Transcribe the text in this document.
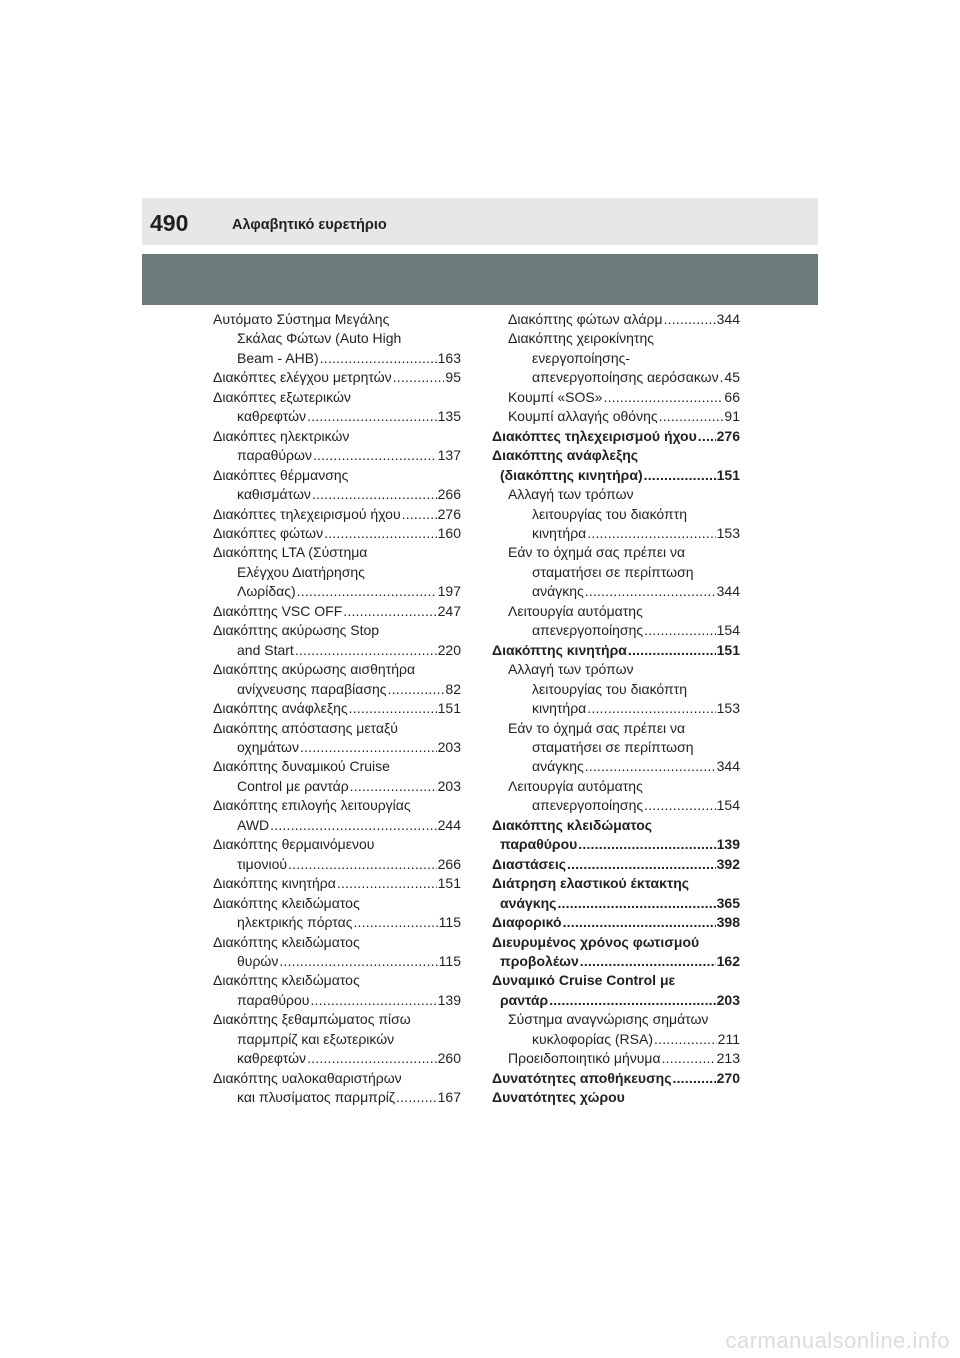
490	Αλφαβητικό ευρετήριο
Αυτόματο Σύστημα Μεγάλης
Σκάλας Φώτων (Auto High
Beam - AHB) .....	163
Διακόπτες ελέγχου μετρητών .....	95
Διακόπτες εξωτερικών
καθρεφτών .....	135
Διακόπτες ηλεκτρικών
παραθύρων .....	137
Διακόπτες θέρμανσης
καθισμάτων .....	266
Διακόπτες τηλεχειρισμού ήχου .....	276
Διακόπτες φώτων .....	160
Διακόπτης LTA (Σύστημα
Ελέγχου Διατήρησης
Λωρίδας) .....	197
Διακόπτης VSC OFF .....	247
Διακόπτης ακύρωσης Stop
and Start .....	220
Διακόπτης ακύρωσης αισθητήρα
ανίχνευσης παραβίασης .....	82
Διακόπτης ανάφλεξης .....	151
Διακόπτης απόστασης μεταξύ
οχημάτων .....	203
Διακόπτης δυναμικού Cruise
Control με ραντάρ .....	203
Διακόπτης επιλογής λειτουργίας
AWD .....	244
Διακόπτης θερμαινόμενου
τιμονιού .....	266
Διακόπτης κινητήρα .....	151
Διακόπτης κλειδώματος
ηλεκτρικής πόρτας .....	115
Διακόπτης κλειδώματος
θυρών .....	115
Διακόπτης κλειδώματος
παραθύρου .....	139
Διακόπτης ξεθαμπώματος πίσω
παρμπρίζ και εξωτερικών
καθρεφτών .....	260
Διακόπτης υαλοκαθαριστήρων
και πλυσίματος παρμπρίζ .....	167
Διακόπτης φώτων αλάρμ .....	344
Διακόπτης χειροκίνητης
ενεργοποίησης-
απενεργοποίησης αερόσακων ..... 45
Κουμπί «SOS» .....	66
Κουμπί αλλαγής οθόνης .....	91
Διακόπτες τηλεχειρισμού ήχου ..... 276
Διακόπτης ανάφλεξης
(διακόπτης κινητήρα) .....	151
Αλλαγή των τρόπων
λειτουργίας του διακόπτη
κινητήρα .....	153
Εάν το όχημά σας πρέπει να
σταματήσει σε περίπτωση
ανάγκης .....	344
Λειτουργία αυτόματης
απενεργοποίησης .....	154
Διακόπτης κινητήρα .....	151
Αλλαγή των τρόπων
λειτουργίας του διακόπτη
κινητήρα .....	153
Εάν το όχημά σας πρέπει να
σταματήσει σε περίπτωση
ανάγκης .....	344
Λειτουργία αυτόματης
απενεργοποίησης .....	154
Διακόπτης κλειδώματος
παραθύρου .....	139
Διαστάσεις .....	392
Διάτρηση ελαστικού έκτακτης
ανάγκης .....	365
Διαφορικό .....	398
Διευρυμένος χρόνος φωτισμού
προβολέων .....	162
Δυναμικό Cruise Control με
ραντάρ .....	203
Σύστημα αναγνώρισης σημάτων
κυκλοφορίας (RSA) .....	211
Προειδοποιητικό μήνυμα .....	213
Δυνατότητες αποθήκευσης .....	270
Δυνατότητες χώρου
carmanualsonline.info
